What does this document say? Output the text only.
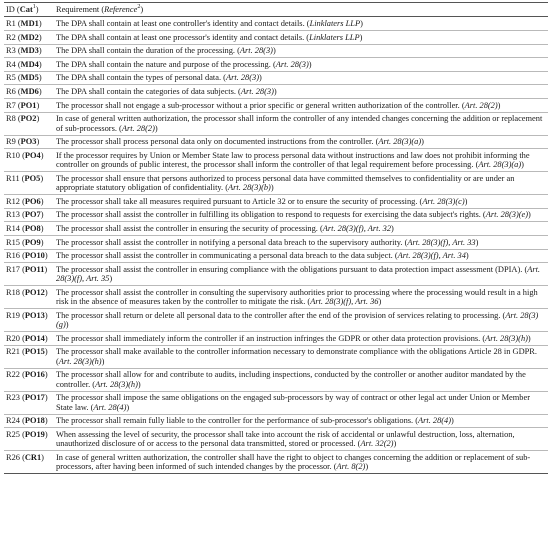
ID (Cat$^1$)	Requirement (Reference$^2$)
R1 (MD1)	The DPA shall contain at least one controller's identity and contact details. (Linklaters LLP)
R2 (MD2)	The DPA shall contain at least one processor's identity and contact details. (Linklaters LLP)
R3 (MD3)	The DPA shall contain the duration of the processing. (Art. 28(3))
R4 (MD4)	The DPA shall contain the nature and purpose of the processing. (Art. 28(3))
R5 (MD5)	The DPA shall contain the types of personal data. (Art. 28(3))
R6 (MD6)	The DPA shall contain the categories of data subjects. (Art. 28(3))
R7 (PO1)	The processor shall not engage a sub-processor without a prior specific or general written authorization of the controller. (Art. 28(2))
R8 (PO2)	In case of general written authorization, the processor shall inform the controller of any intended changes concerning the addition or replacement of sub-processors. (Art. 28(2))
R9 (PO3)	The processor shall process personal data only on documented instructions from the controller. (Art. 28(3)(a))
R10 (PO4)	If the processor requires by Union or Member State law to process personal data without instructions and law does not prohibit informing the controller on grounds of public interest, the processor shall inform the controller of that legal requirement before processing. (Art. 28(3)(a))
R11 (PO5)	The processor shall ensure that persons authorized to process personal data have committed themselves to confidentiality or are under an appropriate statutory obligation of confidentiality. (Art. 28(3)(b))
R12 (PO6)	The processor shall take all measures required pursuant to Article 32 or to ensure the security of processing. (Art. 28(3)(c))
R13 (PO7)	The processor shall assist the controller in fulfilling its obligation to respond to requests for exercising the data subject's rights. (Art. 28(3)(e))
R14 (PO8)	The processor shall assist the controller in ensuring the security of processing. (Art. 28(3)(f), Art. 32)
R15 (PO9)	The processor shall assist the controller in notifying a personal data breach to the supervisory authority. (Art. 28(3)(f), Art. 33)
R16 (PO10)	The processor shall assist the controller in communicating a personal data breach to the data subject. (Art. 28(3)(f), Art. 34)
R17 (PO11)	The processor shall assist the controller in ensuring compliance with the obligations pursuant to data protection impact assessment (DPIA). (Art. 28(3)(f), Art. 35)
R18 (PO12)	The processor shall assist the controller in consulting the supervisory authorities prior to processing where the processing would result in a high risk in the absence of measures taken by the controller to mitigate the risk. (Art. 28(3)(f), Art. 36)
R19 (PO13)	The processor shall return or delete all personal data to the controller after the end of the provision of services relating to processing. (Art. 28(3)(g))
R20 (PO14)	The processor shall immediately inform the controller if an instruction infringes the GDPR or other data protection provisions. (Art. 28(3)(h))
R21 (PO15)	The processor shall make available to the controller information necessary to demonstrate compliance with the obligations Article 28 in GDPR. (Art. 28(3)(h))
R22 (PO16)	The processor shall allow for and contribute to audits, including inspections, conducted by the controller or another auditor mandated by the controller. (Art. 28(3)(h))
R23 (PO17)	The processor shall impose the same obligations on the engaged sub-processors by way of contract or other legal act under Union or Member State law. (Art. 28(4))
R24 (PO18)	The processor shall remain fully liable to the controller for the performance of sub-processor's obligations. (Art. 28(4))
R25 (PO19)	When assessing the level of security, the processor shall take into account the risk of accidental or unlawful destruction, loss, alternation, unauthorized disclosure of or access to the personal data transmitted, stored or processed. (Art. 32(2))
R26 (CR1)	In case of general written authorization, the controller shall have the right to object to changes concerning the addition or replacement of sub-processors, after having been informed of such intended changes by the processor. (Art. 8(2))
